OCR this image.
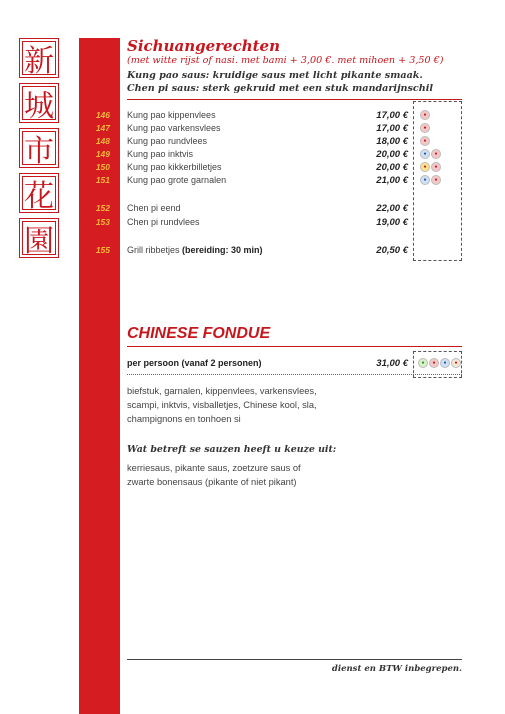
新
城
市
花
園
Sichuangerechten
(met witte rijst of nasi. met bami + 3,00 €. met mihoen + 3,50 €)
Kung pao saus: kruidige saus met licht pikante smaak.
Chen pi saus: sterk gekruid met een stuk mandarijnschil
146 Kung pao kippenvlees	17,00 €	●
147 Kung pao varkensvlees	17,00 €	●
148 Kung pao rundvlees	18,00 €	●
149 Kung pao inktvis	20,00 €	●	●
150 Kung pao kikkerbilletjes	20,00 €	●	●
151 Kung pao grote garnalen	21,00 €	●	●
152 Chen pi eend	22,00 €
153 Chen pi rundvlees	19,00 €
155 Grill ribbetjes (bereiding: 30 min)	20,50 €
CHINESE FONDUE
per persoon (vanaf 2 personen)	31,00 €	●	●	●	●
biefstuk, garnalen, kippenvlees, varkensvlees,
scampi, inktvis, visballetjes, Chinese kool, sla,
champignons en tonhoen si
Wat betreft se sauzen heeft u keuze uit:
kerriesaus, pikante saus, zoetzure saus of
zwarte bonensaus (pikante of niet pikant)
dienst en BTW inbegrepen.
